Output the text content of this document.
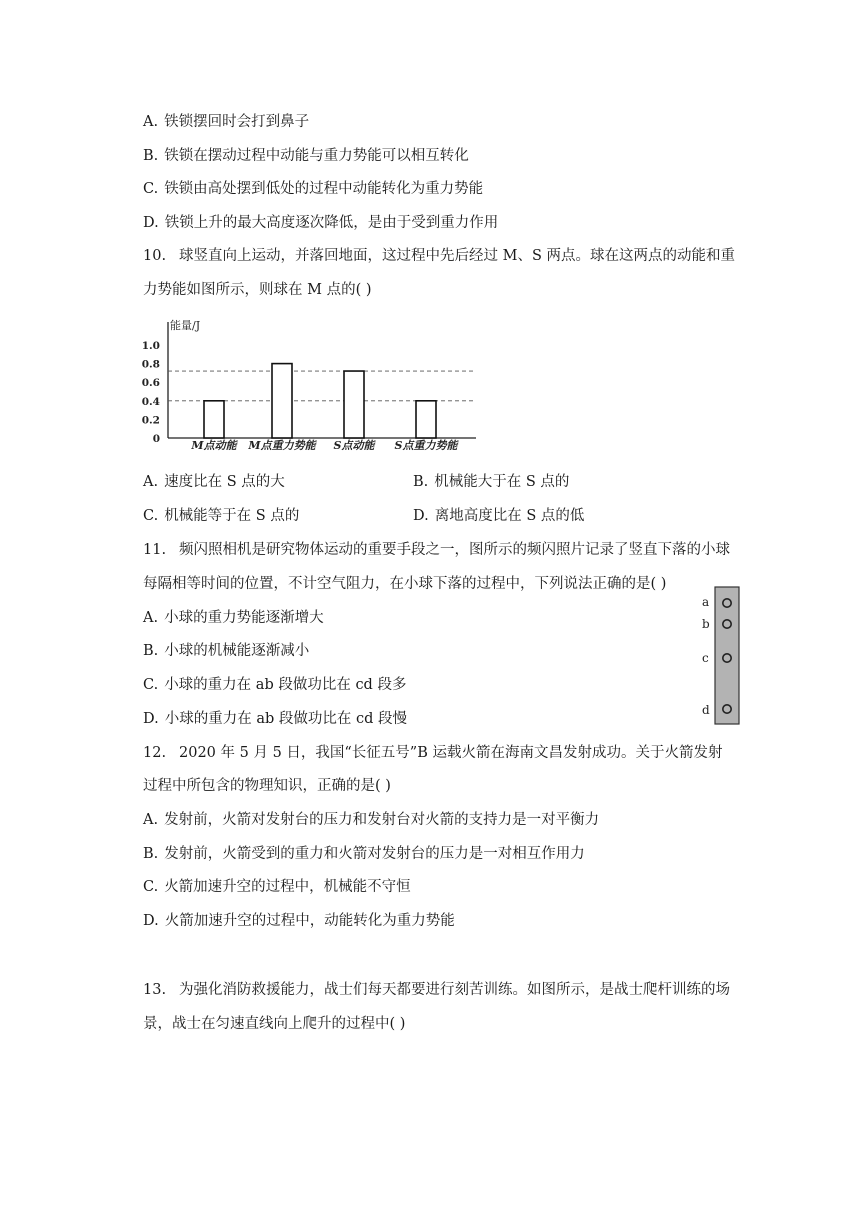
A. 铁锁摆回时会打到鼻子
B. 铁锁在摆动过程中动能与重力势能可以相互转化
C. 铁锁由高处摆到低处的过程中动能转化为重力势能
D. 铁锁上升的最大高度逐次降低，是由于受到重力作用
10. 球竖直向上运动，并落回地面，这过程中先后经过 M、S 两点。球在这两点的动能和重
力势能如图所示，则球在 M 点的( )
能量/J
1.0
0.8
0.6
0.4
0.2
0	M点动能 M点重力势能 S点动能 S点重力势能
A. 速度比在 S 点的大	B. 机械能大于在 S 点的
C. 机械能等于在 S 点的	D. 离地高度比在 S 点的低
11. 频闪照相机是研究物体运动的重要手段之一，图所示的频闪照片记录了竖直下落的小球
每隔相等时间的位置，不计空气阻力，在小球下落的过程中，下列说法正确的是( )
A. 小球的重力势能逐渐增大
B. 小球的机械能逐渐减小
C. 小球的重力在 ab 段做功比在 cd 段多
D. 小球的重力在 ab 段做功比在 cd 段慢
a
b
c
d
12. 2020 年 5 月 5 日，我国“长征五号”B 运载火箭在海南文昌发射成功。关于火箭发射
过程中所包含的物理知识，正确的是( )
A. 发射前，火箭对发射台的压力和发射台对火箭的支持力是一对平衡力
B. 发射前，火箭受到的重力和火箭对发射台的压力是一对相互作用力
C. 火箭加速升空的过程中，机械能不守恒
D. 火箭加速升空的过程中，动能转化为重力势能
13. 为强化消防救援能力，战士们每天都要进行刻苦训练。如图所示，是战士爬杆训练的场
景，战士在匀速直线向上爬升的过程中( )
